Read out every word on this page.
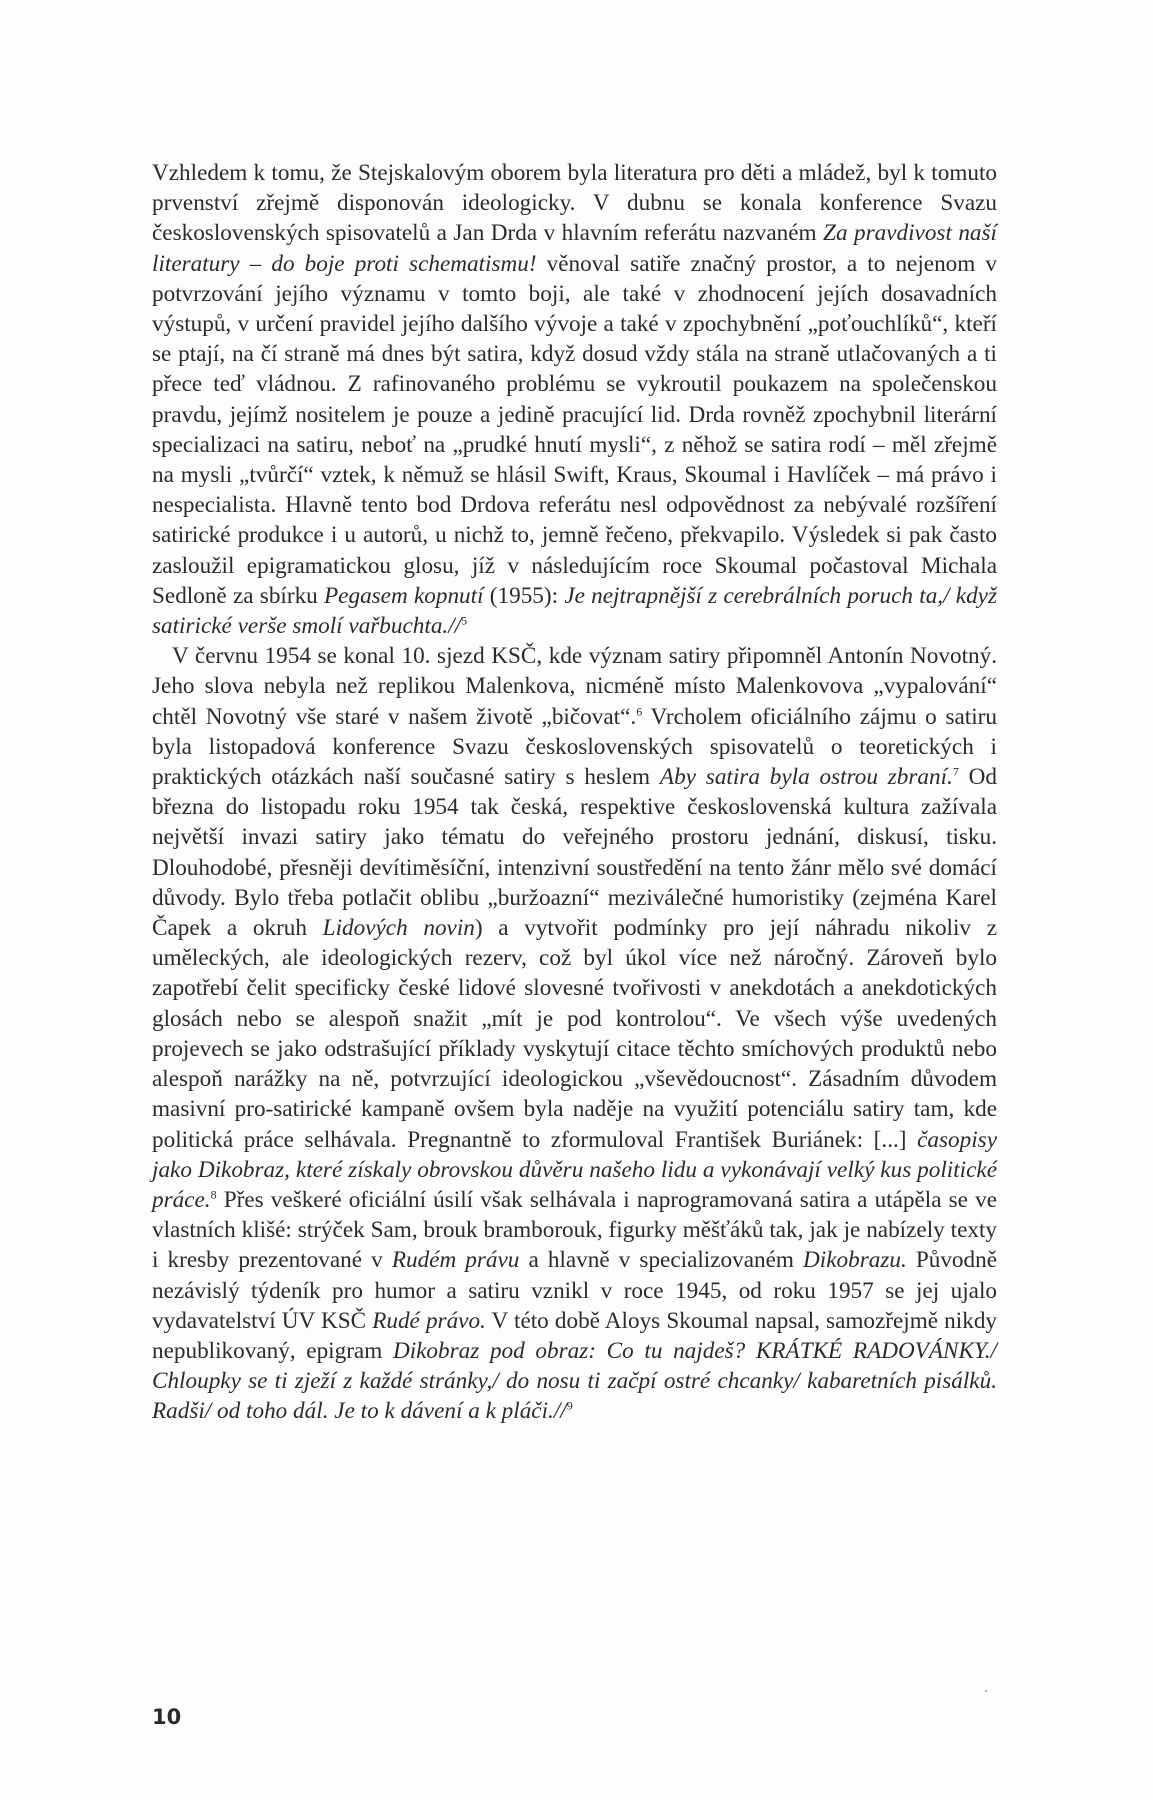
Vzhledem k tomu, že Stejskalovým oborem byla literatura pro děti a mládež, byl k tomuto prvenství zřejmě disponován ideologicky. V dubnu se konala konference Svazu československých spisovatelů a Jan Drda v hlavním referátu nazvaném Za pravdivost naší literatury – do boje proti schematismu! věnoval satiře značný prostor, a to nejenom v potvrzování jejího významu v tomto boji, ale také v zhodnocení jejích dosavadních výstupů, v určení pravidel jejího dalšího vývoje a také v zpochybnění „poťouchlíků“, kteří se ptají, na čí straně má dnes být satira, když dosud vždy stála na straně utlačovaných a ti přece teď vládnou. Z rafinovaného problému se vykroutil poukazem na společenskou pravdu, jejímž nositelem je pouze a jedině pracující lid. Drda rovněž zpochybnil literární specializaci na satiru, neboť na „prudké hnutí mysli“, z něhož se satira rodí – měl zřejmě na mysli „tvůrčí“ vztek, k němuž se hlásil Swift, Kraus, Skoumal i Havlíček – má právo i nespecialista. Hlavně tento bod Drdova referátu nesl odpovědnost za nebývalé rozšíření satirické produkce i u autorů, u nichž to, jemně řečeno, překvapilo. Výsledek si pak často zasloužil epigramatickou glosu, jíž v následujícím roce Skoumal počastoval Michala Sedloně za sbírku Pegasem kopnutí (1955): Je nejtrapnější z cerebrálních poruch ta,/ když satirické verše smolí vařbuchta.//$^5$

V červnu 1954 se konal 10. sjezd KSČ, kde význam satiry připomněl Antonín Novotný. Jeho slova nebyla než replikou Malenkova, nicméně místo Malenkovova „vypalování“ chtěl Novotný vše staré v našem životě „bičovat“.$^6$ Vrcholem oficiálního zájmu o satiru byla listopadová konference Svazu československých spisovatelů o teoretických i praktických otázkách naší současné satiry s heslem Aby satira byla ostrou zbraní.$^7$ Od března do listopadu roku 1954 tak česká, respektive československá kultura zažívala největší invazi satiry jako tématu do veřejného prostoru jednání, diskusí, tisku. Dlouhodobé, přesněji devítiměsíční, intenzivní soustředění na tento žánr mělo své domácí důvody. Bylo třeba potlačit oblibu „buržoazní“ meziválečné humoristiky (zejména Karel Čapek a okruh Lidových novin) a vytvořit podmínky pro její náhradu nikoliv z uměleckých, ale ideologických rezerv, což byl úkol více než náročný. Zároveň bylo zapotřebí čelit specificky české lidové slovesné tvořivosti v anekdotách a anekdotických glosách nebo se alespoň snažit „mít je pod kontrolou“. Ve všech výše uvedených projevech se jako odstrašující příklady vyskytují citace těchto smíchových produktů nebo alespoň narážky na ně, potvrzující ideologickou „vševědoucnost“. Zásadním důvodem masivní pro-satirické kampaně ovšem byla naděje na využití potenciálu satiry tam, kde politická práce selhávala. Pregnantně to zformuloval František Buriánek: [...] časopisy jako Dikobraz, které získaly obrovskou důvěru našeho lidu a vykonávají velký kus politické práce.$^8$ Přes veškeré oficiální úsilí však selhávala i naprogramovaná satira a utápěla se ve vlastních klišé: strýček Sam, brouk bramborouk, figurky měšťáků tak, jak je nabízely texty i kresby prezentované v Rudém právu a hlavně v specializovaném Dikobrazu. Původně nezávislý týdeník pro humor a satiru vznikl v roce 1945, od roku 1957 se jej ujalo vydavatelství ÚV KSČ Rudé právo. V této době Aloys Skoumal napsal, samozřejmě nikdy nepublikovaný, epigram Dikobraz pod obraz: Co tu najdeš? KRÁTKÉ RADOVÁNKY./ Chloupky se ti zježí z každé stránky,/ do nosu ti začpí ostré chcanky/ kabaretních pisálků. Radši/ od toho dál. Je to k dávení a k pláči.//$^9$

10
